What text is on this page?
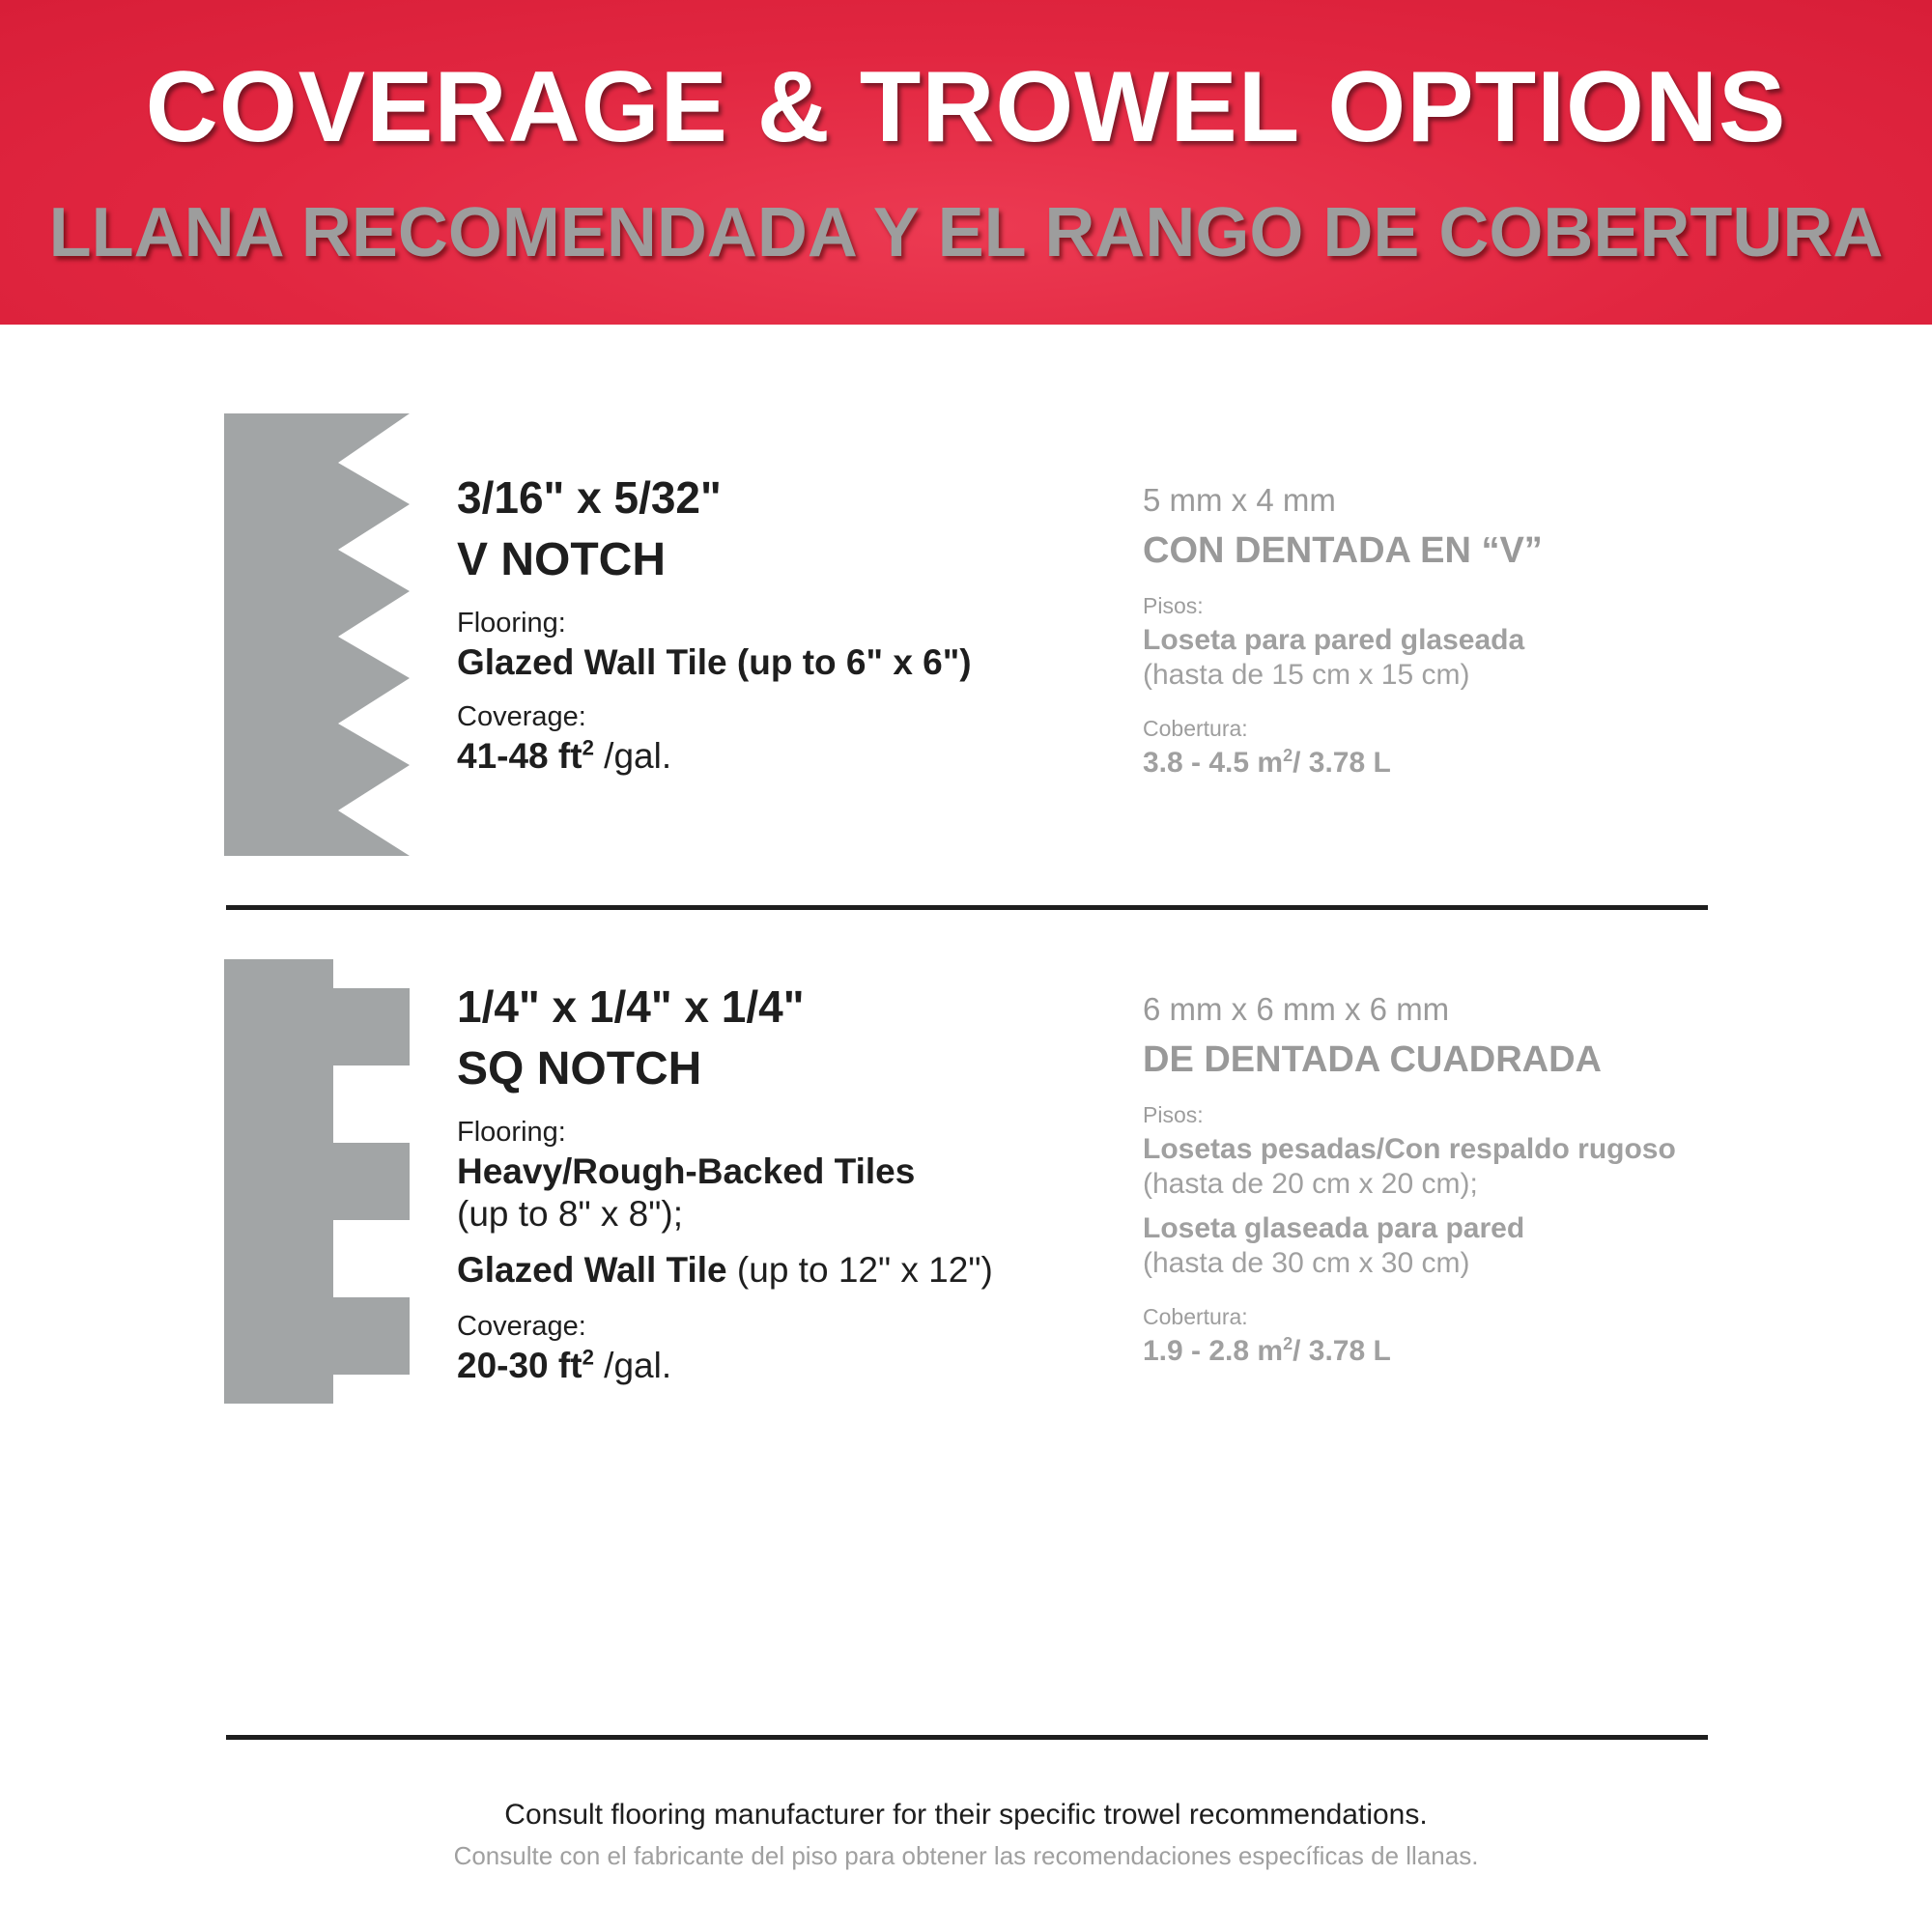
COVERAGE & TROWEL OPTIONS
LLANA RECOMENDADA Y EL RANGO DE COBERTURA
3/16" x 5/32"
V NOTCH
Flooring:
Glazed Wall Tile (up to 6" x 6")
Coverage:
41-48 $ft^2$ /gal.
5 mm x 4 mm
CON DENTADA EN “V”
Pisos:
Loseta para pared glaseada
(hasta de 15 cm x 15 cm)
Cobertura:
3.8 - 4.5 $m^2/$ 3.78 L
1/4" x 1/4" x 1/4"
SQ NOTCH
Flooring:
Heavy/Rough-Backed Tiles
(up to 8" x 8");
Glazed Wall Tile (up to 12" x 12")
Coverage:
20-30 $ft^2$ /gal.
6 mm x 6 mm x 6 mm
DE DENTADA CUADRADA
Pisos:
Losetas pesadas/Con respaldo rugoso
(hasta de 20 cm x 20 cm);
Loseta glaseada para pared
(hasta de 30 cm x 30 cm)
Cobertura:
1.9 - 2.8 $m^2/$ 3.78 L
Consult flooring manufacturer for their specific trowel recommendations.
Consulte con el fabricante del piso para obtener las recomendaciones específicas de llanas.
